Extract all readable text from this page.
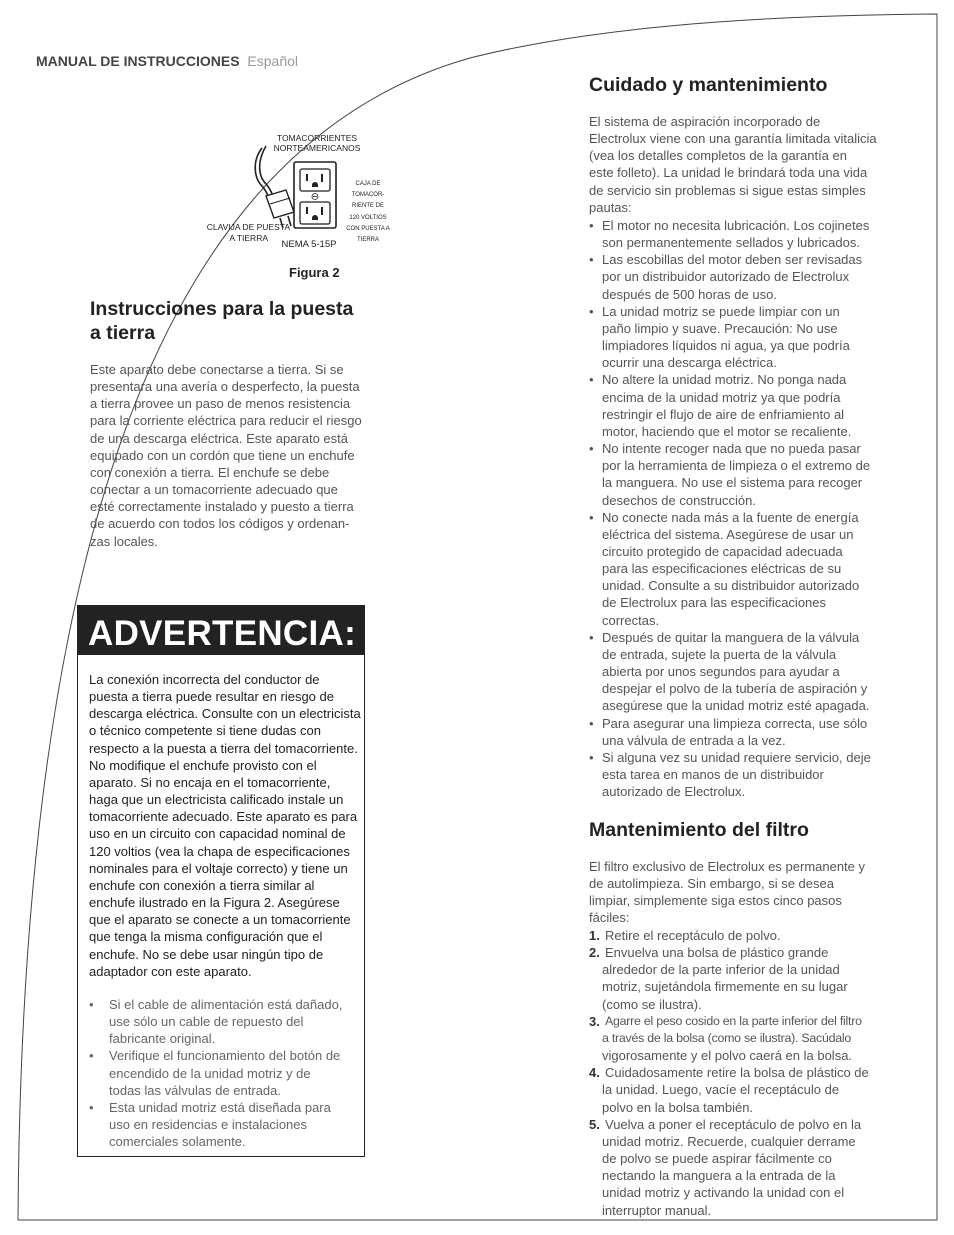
MANUAL DE INSTRUCCIONES Español
TOMACORRIENTES
NORTEAMERICANOS
CAJA DE
TOMACOR-
RIENTE DE
120 VOLTIOS
CON PUESTA A
TIERRA
CLAVIJA DE PUESTA
A TIERRA
NEMA 5-15P
Figura 2
Instrucciones para la puesta
a tierra

Este aparato debe conectarse a tierra. Si se
presentara una avería o desperfecto, la puesta
a tierra provee un paso de menos resistencia
para la corriente eléctrica para reducir el riesgo
de una descarga eléctrica. Este aparato está
equipado con un cordón que tiene un enchufe
con conexión a tierra. El enchufe se debe
conectar a un tomacorriente adecuado que
esté correctamente instalado y puesto a tierra
de acuerdo con todos los códigos y ordenan-
zas locales.

ADVERTENCIA:
La conexión incorrecta del conductor de
puesta a tierra puede resultar en riesgo de
descarga eléctrica. Consulte con un electricista
o técnico competente si tiene dudas con
respecto a la puesta a tierra del tomacorriente.
No modifique el enchufe provisto con el
aparato. Si no encaja en el tomacorriente,
haga que un electricista calificado instale un
tomacorriente adecuado. Este aparato es para
uso en un circuito con capacidad nominal de
120 voltios (vea la chapa de especificaciones
nominales para el voltaje correcto) y tiene un
enchufe con conexión a tierra similar al
enchufe ilustrado en la Figura 2. Asegúrese
que el aparato se conecte a un tomacorriente
que tenga la misma configuración que el
enchufe. No se debe usar ningún tipo de
adaptador con este aparato.
• Si el cable de alimentación está dañado,
use sólo un cable de repuesto del
fabricante original.
• Verifique el funcionamiento del botón de
encendido de la unidad motriz y de
todas las válvulas de entrada.
• Esta unidad motriz está diseñada para
uso en residencias e instalaciones
comerciales solamente.
Cuidado y mantenimiento

El sistema de aspiración incorporado de
Electrolux viene con una garantía limitada vitalicia
(vea los detalles completos de la garantía en
este folleto). La unidad le brindará toda una vida
de servicio sin problemas si sigue estas simples
pautas:

• El motor no necesita lubricación. Los cojinetes
son permanentemente sellados y lubricados.
• Las escobillas del motor deben ser revisadas
por un distribuidor autorizado de Electrolux
después de 500 horas de uso.
• La unidad motriz se puede limpiar con un
paño limpio y suave. Precaución: No use
limpiadores líquidos ni agua, ya que podría
ocurrir una descarga eléctrica.
• No altere la unidad motriz. No ponga nada
encima de la unidad motriz ya que podría
restringir el flujo de aire de enfriamiento al
motor, haciendo que el motor se recaliente.
• No intente recoger nada que no pueda pasar
por la herramienta de limpieza o el extremo de
la manguera. No use el sistema para recoger
desechos de construcción.
• No conecte nada más a la fuente de energía
eléctrica del sistema. Asegúrese de usar un
circuito protegido de capacidad adecuada
para las especificaciones eléctricas de su
unidad. Consulte a su distribuidor autorizado
de Electrolux para las especificaciones
correctas.
• Después de quitar la manguera de la válvula
de entrada, sujete la puerta de la válvula
abierta por unos segundos para ayudar a
despejar el polvo de la tubería de aspiración y
asegúrese que la unidad motriz esté apagada.
• Para asegurar una limpieza correcta, use sólo
una válvula de entrada a la vez.
• Si alguna vez su unidad requiere servicio, deje
esta tarea en manos de un distribuidor
autorizado de Electrolux.
Mantenimiento del filtro

El filtro exclusivo de Electrolux es permanente y
de autolimpieza. Sin embargo, si se desea
limpiar, simplemente siga estos cinco pasos
fáciles:

1. Retire el receptáculo de polvo.
2. Envuelva una bolsa de plástico grande
alrededor de la parte inferior de la unidad
motriz, sujetándola firmemente en su lugar
(como se ilustra).
3. Agarre el peso cosido en la parte inferior del filtro
a través de la bolsa (como se ilustra). Sacúdalo
vigorosamente y el polvo caerá en la bolsa.
4. Cuidadosamente retire la bolsa de plástico de
la unidad. Luego, vacíe el receptáculo de
polvo en la bolsa también.
5. Vuelva a poner el receptáculo de polvo en la
unidad motriz. Recuerde, cualquier derrame
de polvo se puede aspirar fácilmente co
nectando la manguera a la entrada de la
unidad motriz y activando la unidad con el
interruptor manual.
